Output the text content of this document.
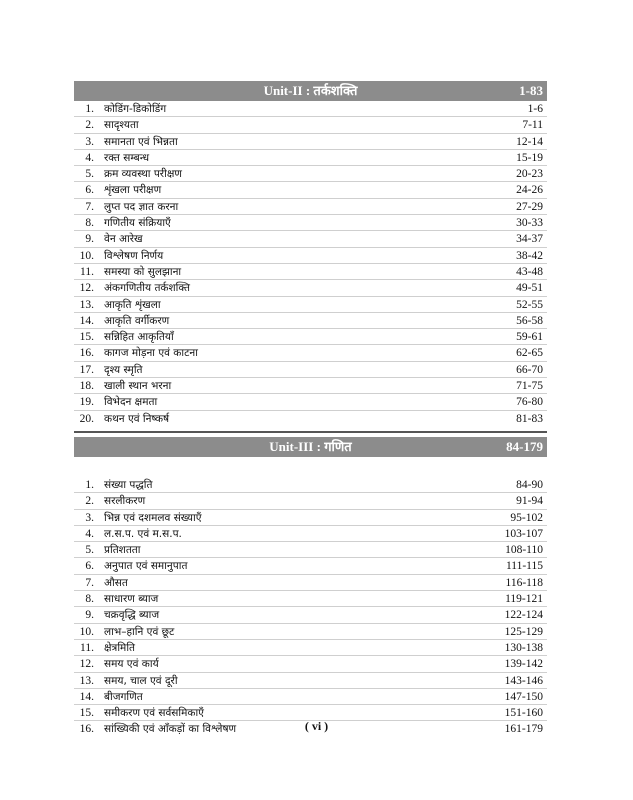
Unit-II : तर्कशक्ति	1-83
1. कोडिंग-डिकोडिंग	1-6
2. सादृश्यता	7-11
3. समानता एवं भिन्नता	12-14
4. रक्त सम्बन्ध	15-19
5. क्रम व्यवस्था परीक्षण	20-23
6. शृंखला परीक्षण	24-26
7. लुप्त पद ज्ञात करना	27-29
8. गणितीय संक्रियाएँ	30-33
9. वेन आरेख	34-37
10. विश्लेषण निर्णय	38-42
11. समस्या को सुलझाना	43-48
12. अंकगणितीय तर्कशक्ति	49-51
13. आकृति शृंखला	52-55
14. आकृति वर्गीकरण	56-58
15. सन्निहित आकृतियाँ	59-61
16. कागज मोड़ना एवं काटना	62-65
17. दृश्य स्मृति	66-70
18. खाली स्थान भरना	71-75
19. विभेदन क्षमता	76-80
20. कथन एवं निष्कर्ष	81-83
Unit-III : गणित	84-179
1. संख्या पद्धति	84-90
2. सरलीकरण	91-94
3. भिन्न एवं दशमलव संख्याएँ	95-102
4. ल.स.प. एवं म.स.प.	103-107
5. प्रतिशतता	108-110
6. अनुपात एवं समानुपात	111-115
7. औसत	116-118
8. साधारण ब्याज	119-121
9. चक्रवृद्धि ब्याज	122-124
10. लाभ–हानि एवं छूट	125-129
11. क्षेत्रमिति	130-138
12. समय एवं कार्य	139-142
13. समय, चाल एवं दूरी	143-146
14. बीजगणित	147-150
15. समीकरण एवं सर्वसमिकाएँ	151-160
16. सांख्यिकी एवं आँकड़ों का विश्लेषण	161-179
( vi )
